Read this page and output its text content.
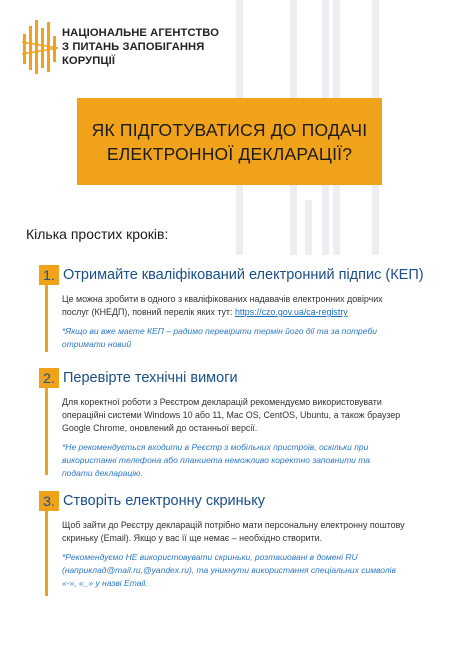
НАЦІОНАЛЬНЕ АГЕНТСТВО
З ПИТАНЬ ЗАПОБІГАННЯ
КОРУПЦІЇ
ЯК ПІДГОТУВАТИСЯ ДО ПОДАЧІ
ЕЛЕКТРОННОЇ ДЕКЛАРАЦІЇ?
Кілька простих кроків:
1. Отримайте кваліфікований електронний підпис (КЕП)

Це можна зробити в одного з кваліфікованих надавачів електронних довірчих

послуг (КНЕДП), повний перелік яких тут: https://czo.gov.ua/ca-registry

*Якщо ви вже маєте КЕП – радимо перевірити термін його дії та за потреби

отримати новий

2. Перевірте технічні вимоги

Для коректної роботи з Реєстром декларацій рекомендуємо використовувати

операційні системи Windows 10 або 11, Mac OS, CentOS, Ubuntu, а також браузер

Google Chrome, оновлений до останньої версії.

*Не рекомендується входити в Реєстр з мобільних пристроїв, оскільки при

використанні телефона або планшета неможливо коректно заповнити та

подати декларацію.

3. Створіть електронну скриньку

Щоб зайти до Реєстру декларацій потрібно мати персональну електронну поштову

скриньку (Email). Якщо у вас її ще немає – необхідно створити.

*Рекомендуємо НЕ використовувати скриньки, розташовані в домені RU

(наприклад@mail.ru,@yandex.ru), та уникнути використання спеціальних символів

«-», «_» у назві Email.
